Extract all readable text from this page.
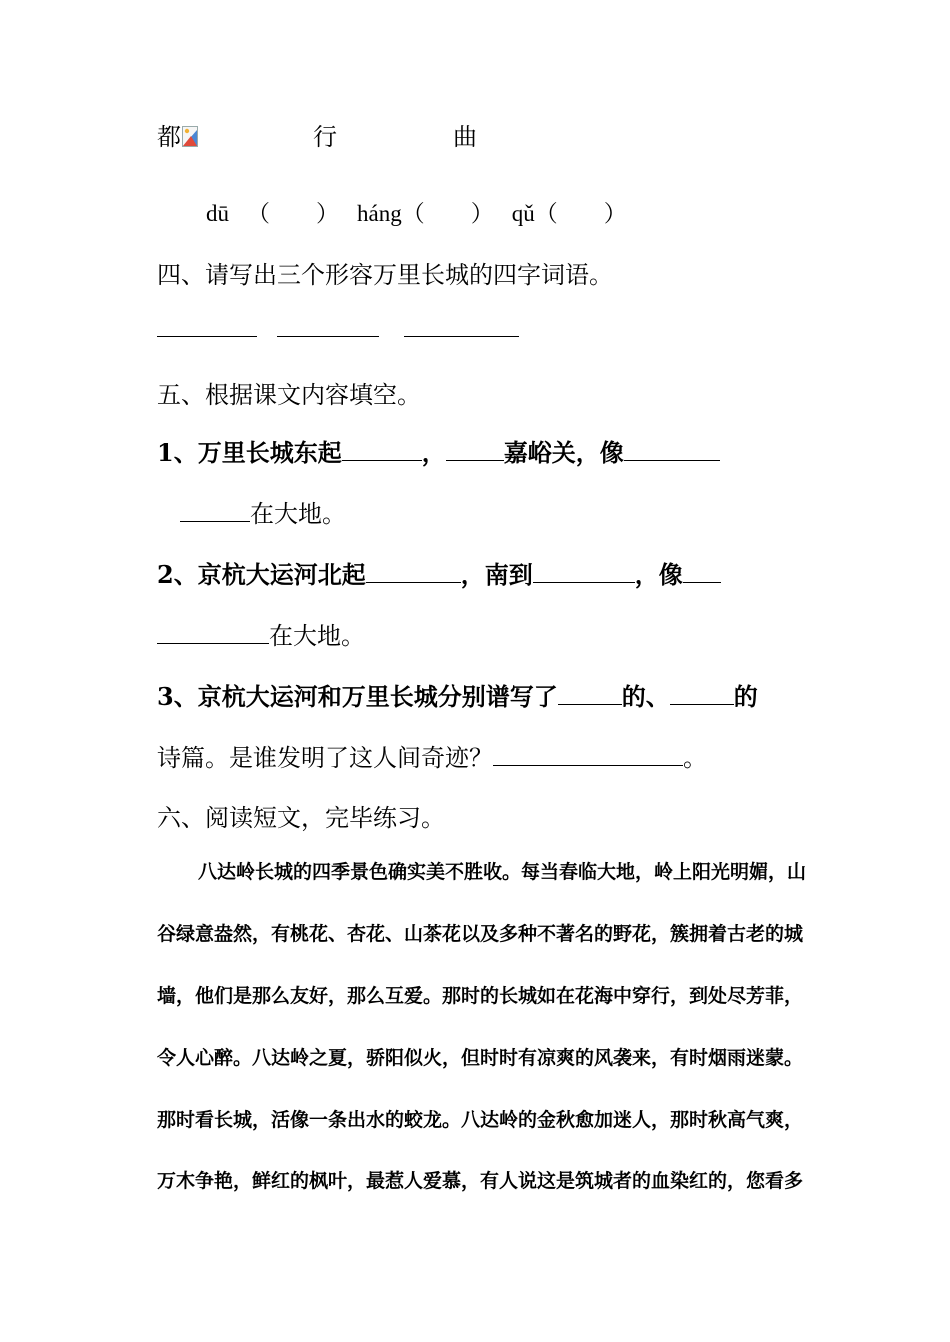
都	行	曲
dū （　　） háng（　　） qǔ（　　）
四、请写出三个形容万里长城的四字词语。
五、根据课文内容填空。
1、万里长城东起	， 嘉峪关，像
在大地。
2、京杭大运河北起	，南到	，像
在大地。
3、京杭大运河和万里长城分别谱写了	的、	的
诗篇。是谁发明了这人间奇迹？	。
六、阅读短文，完毕练习。
八达岭长城的四季景色确实美不胜收。每当春临大地，岭上阳光明媚，山
谷绿意盎然，有桃花、杏花、山茶花以及多种不著名的野花，簇拥着古老的城
墙，他们是那么友好，那么互爱。那时的长城如在花海中穿行，到处尽芳菲，
令人心醉。八达岭之夏，骄阳似火，但时时有凉爽的风袭来，有时烟雨迷蒙。
那时看长城，活像一条出水的蛟龙。八达岭的金秋愈加迷人，那时秋高气爽，
万木争艳，鲜红的枫叶，最惹人爱慕，有人说这是筑城者的血染红的，您看多
